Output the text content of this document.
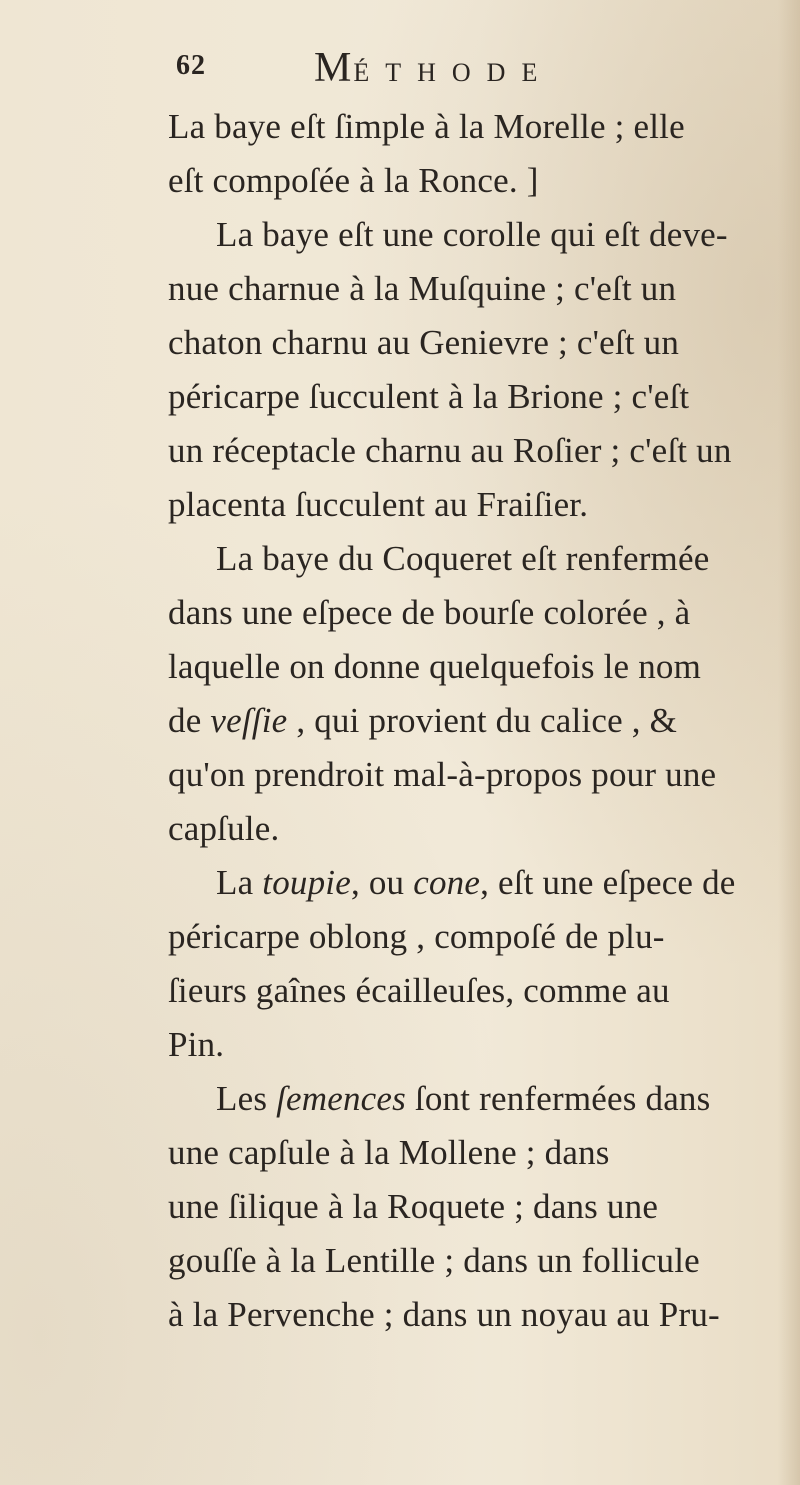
62	MÉTHODE
La baye eſt ſimple à la Morelle ; elle
eſt compoſée à la Ronce. ]
La baye eſt une corolle qui eſt deve-
nue charnue à la Muſquine ; c'eſt un
chaton charnu au Genievre ; c'eſt un
péricarpe ſucculent à la Brione ; c'eſt
un réceptacle charnu au Roſier ; c'eſt un
placenta ſucculent au Fraiſier.
La baye du Coqueret eſt renfermée
dans une eſpece de bourſe colorée , à
laquelle on donne quelquefois le nom
de veſſie , qui provient du calice , &
qu'on prendroit mal-à-propos pour une
capſule.
La toupie, ou cone, eſt une eſpece de
péricarpe oblong , compoſé de plu-
ſieurs gaînes écailleuſes, comme au
Pin.
Les ſemences ſont renfermées dans
une capſule à la Mollene ; dans
une ſilique à la Roquete ; dans une
gouſſe à la Lentille ; dans un follicule
à la Pervenche ; dans un noyau au Pru-
